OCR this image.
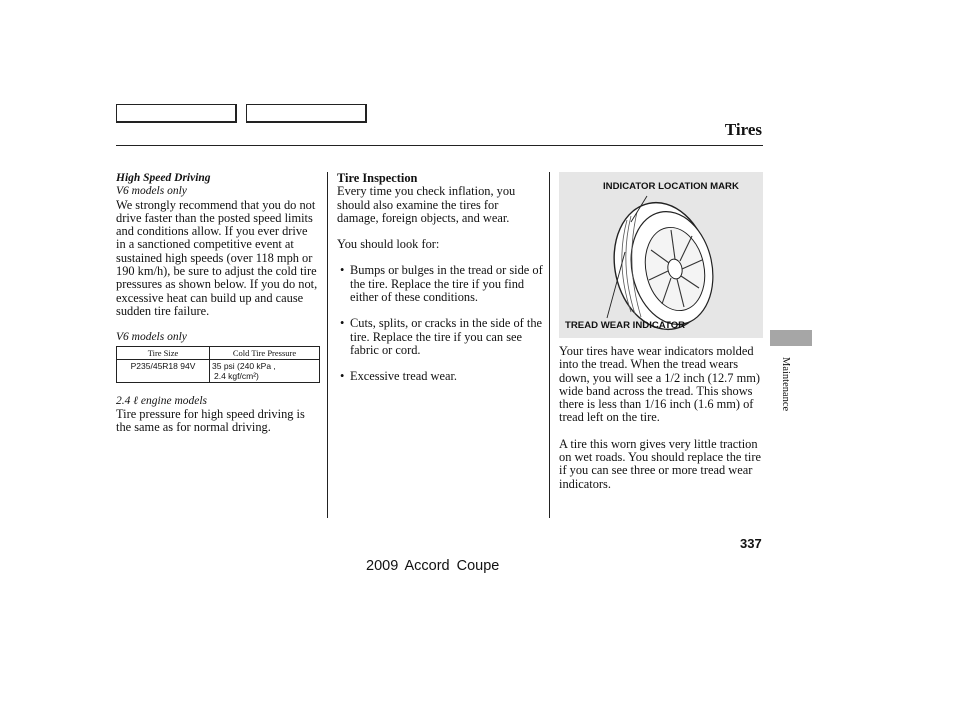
Tires
High Speed Driving
V6 models only

We strongly recommend that you do not drive faster than the posted speed limits and conditions allow. If you ever drive in a sanctioned competitive event at sustained high speeds (over 118 mph or 190 km/h), be sure to adjust the cold tire pressures as shown below. If you do not, excessive heat can build up and cause sudden tire failure.

V6 models only
Tire Size	Cold Tire Pressure
P235/45R18 94V	35 psi (240 kPa ,
2.4 kgf/cm²)
2.4 ℓ engine models

Tire pressure for high speed driving is the same as for normal driving.

Tire Inspection

Every time you check inflation, you should also examine the tires for damage, foreign objects, and wear.

You should look for:

• Bumps or bulges in the tread or side of the tire. Replace the tire if you find either of these conditions.
• Cuts, splits, or cracks in the side of the tire. Replace the tire if you can see fabric or cord.
• Excessive tread wear.
INDICATOR LOCATION MARK
TREAD WEAR INDICATOR

Your tires have wear indicators molded into the tread. When the tread wears down, you will see a 1/2 inch (12.7 mm) wide band across the tread. This shows there is less than 1/16 inch (1.6 mm) of tread left on the tire.

A tire this worn gives very little traction on wet roads. You should replace the tire if you can see three or more tread wear indicators.

Maintenance
337
2009 Accord Coupe
